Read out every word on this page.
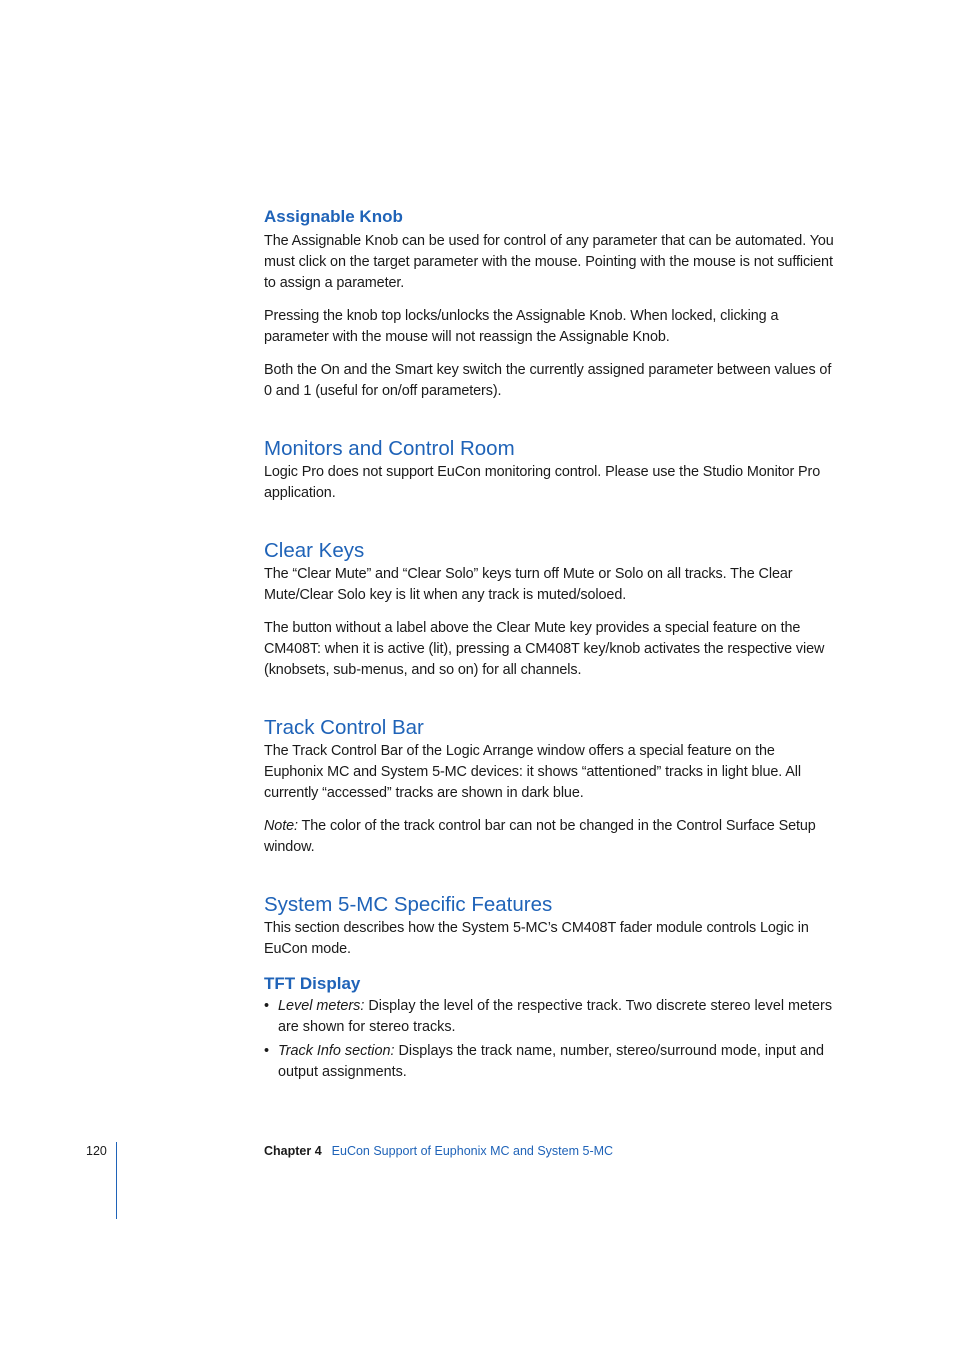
Assignable Knob

The Assignable Knob can be used for control of any parameter that can be automated. You must click on the target parameter with the mouse. Pointing with the mouse is not sufficient to assign a parameter.

Pressing the knob top locks/unlocks the Assignable Knob. When locked, clicking a parameter with the mouse will not reassign the Assignable Knob.

Both the On and the Smart key switch the currently assigned parameter between values of 0 and 1 (useful for on/off parameters).

Monitors and Control Room

Logic Pro does not support EuCon monitoring control. Please use the Studio Monitor Pro application.

Clear Keys

The “Clear Mute” and “Clear Solo” keys turn off Mute or Solo on all tracks. The Clear Mute/Clear Solo key is lit when any track is muted/soloed.

The button without a label above the Clear Mute key provides a special feature on the CM408T: when it is active (lit), pressing a CM408T key/knob activates the respective view (knobsets, sub-menus, and so on) for all channels.

Track Control Bar

The Track Control Bar of the Logic Arrange window offers a special feature on the Euphonix MC and System 5-MC devices: it shows “attentioned” tracks in light blue. All currently “accessed” tracks are shown in dark blue.

Note: The color of the track control bar can not be changed in the Control Surface Setup window.

System 5-MC Specific Features

This section describes how the System 5-MC’s CM408T fader module controls Logic in EuCon mode.

TFT Display
• Level meters: Display the level of the respective track. Two discrete stereo level meters are shown for stereo tracks.
• Track Info section: Displays the track name, number, stereo/surround mode, input and output assignments.
120	Chapter 4 EuCon Support of Euphonix MC and System 5-MC
